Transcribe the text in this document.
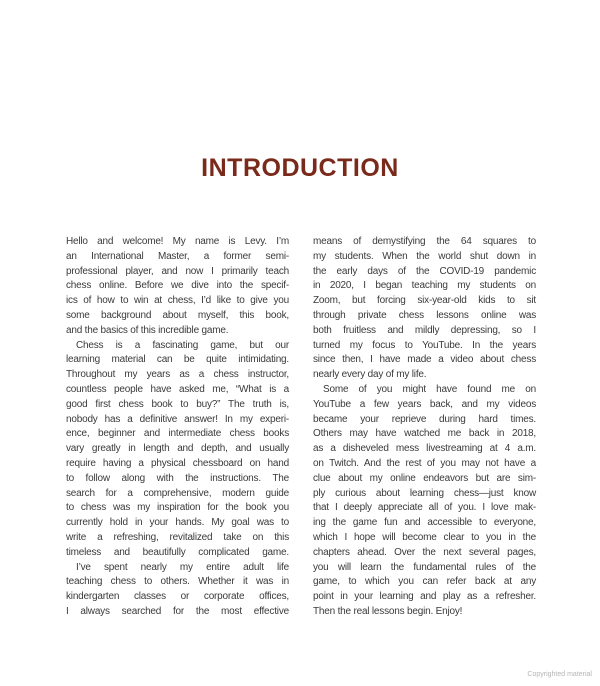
INTRODUCTION
Hello and welcome! My name is Levy. I’m
an International Master, a former semi-
professional player, and now I primarily teach
chess online. Before we dive into the specif-
ics of how to win at chess, I’d like to give you
some background about myself, this book,
and the basics of this incredible game.
Chess is a fascinating game, but our
learning material can be quite intimidating.
Throughout my years as a chess instructor,
countless people have asked me, “What is a
good first chess book to buy?” The truth is,
nobody has a definitive answer! In my experi-
ence, beginner and intermediate chess books
vary greatly in length and depth, and usually
require having a physical chessboard on hand
to follow along with the instructions. The
search for a comprehensive, modern guide
to chess was my inspiration for the book you
currently hold in your hands. My goal was to
write a refreshing, revitalized take on this
timeless and beautifully complicated game.
I’ve spent nearly my entire adult life
teaching chess to others. Whether it was in
kindergarten classes or corporate offices,
I always searched for the most effective
means of demystifying the 64 squares to
my students. When the world shut down in
the early days of the COVID-19 pandemic
in 2020, I began teaching my students on
Zoom, but forcing six-year-old kids to sit
through private chess lessons online was
both fruitless and mildly depressing, so I
turned my focus to YouTube. In the years
since then, I have made a video about chess
nearly every day of my life.
Some of you might have found me on
YouTube a few years back, and my videos
became your reprieve during hard times.
Others may have watched me back in 2018,
as a disheveled mess livestreaming at 4 a.m.
on Twitch. And the rest of you may not have a
clue about my online endeavors but are sim-
ply curious about learning chess—just know
that I deeply appreciate all of you. I love mak-
ing the game fun and accessible to everyone,
which I hope will become clear to you in the
chapters ahead. Over the next several pages,
you will learn the fundamental rules of the
game, to which you can refer back at any
point in your learning and play as a refresher.
Then the real lessons begin. Enjoy!
Copyrighted material
